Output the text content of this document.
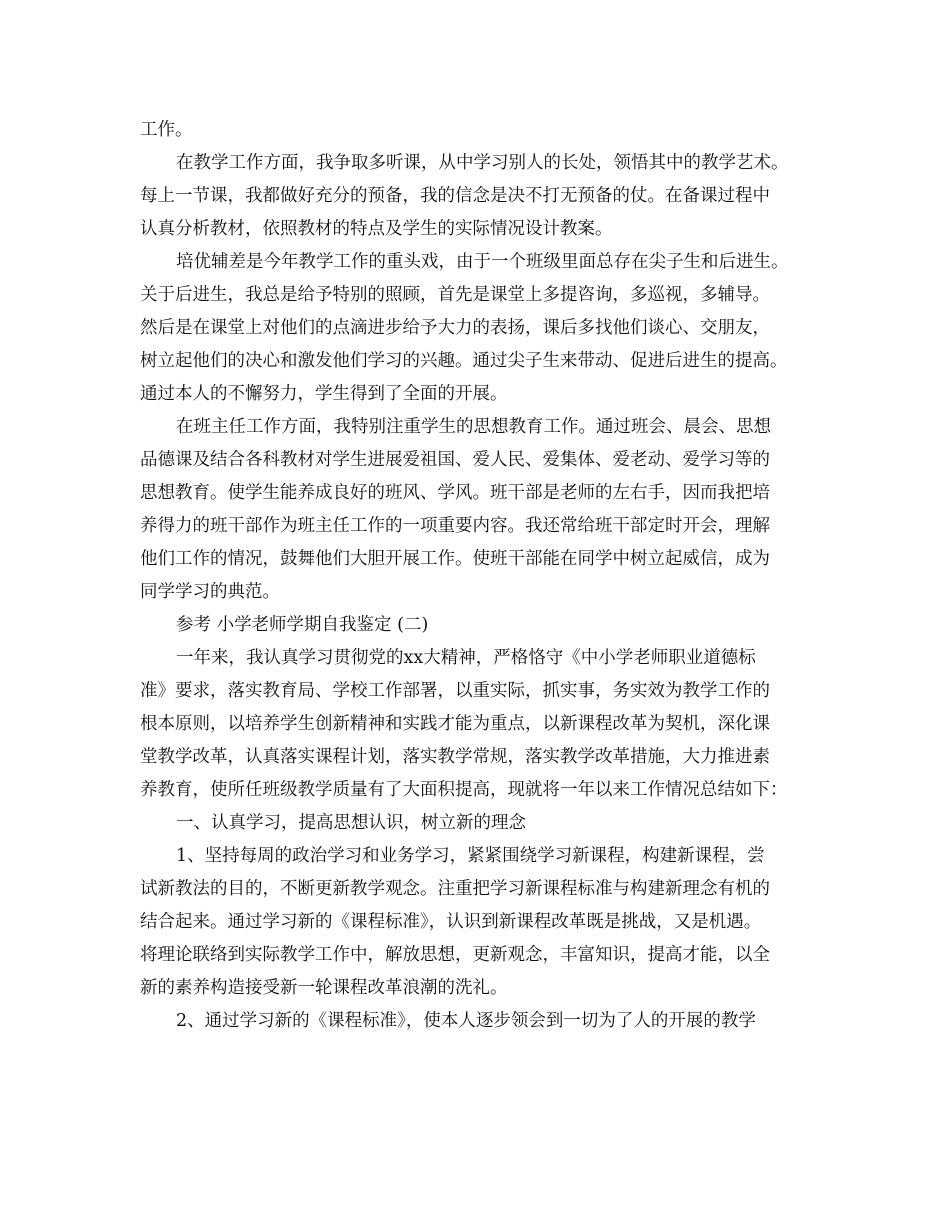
工作。
在教学工作方面，我争取多听课，从中学习别人的长处，领悟其中的教学艺术。
每上一节课，我都做好充分的预备，我的信念是决不打无预备的仗。在备课过程中
认真分析教材，依照教材的特点及学生的实际情况设计教案。
培优辅差是今年教学工作的重头戏，由于一个班级里面总存在尖子生和后进生。
关于后进生，我总是给予特别的照顾，首先是课堂上多提咨询，多巡视，多辅导。
然后是在课堂上对他们的点滴进步给予大力的表扬，课后多找他们谈心、交朋友，
树立起他们的决心和激发他们学习的兴趣。通过尖子生来带动、促进后进生的提高。
通过本人的不懈努力，学生得到了全面的开展。
在班主任工作方面，我特别注重学生的思想教育工作。通过班会、晨会、思想
品德课及结合各科教材对学生进展爱祖国、爱人民、爱集体、爱老动、爱学习等的
思想教育。使学生能养成良好的班风、学风。班干部是老师的左右手，因而我把培
养得力的班干部作为班主任工作的一项重要内容。我还常给班干部定时开会，理解
他们工作的情况，鼓舞他们大胆开展工作。使班干部能在同学中树立起威信，成为
同学学习的典范。
参考 小学老师学期自我鉴定 (二)
一年来，我认真学习贯彻党的xx大精神，严格恪守《中小学老师职业道德标
准》要求，落实教育局、学校工作部署，以重实际，抓实事，务实效为教学工作的
根本原则，以培养学生创新精神和实践才能为重点，以新课程改革为契机，深化课
堂教学改革，认真落实课程计划，落实教学常规，落实教学改革措施，大力推进素
养教育，使所任班级教学质量有了大面积提高，现就将一年以来工作情况总结如下：
一、认真学习，提高思想认识，树立新的理念
1、坚持每周的政治学习和业务学习，紧紧围绕学习新课程，构建新课程，尝
试新教法的目的，不断更新教学观念。注重把学习新课程标准与构建新理念有机的
结合起来。通过学习新的《课程标准》，认识到新课程改革既是挑战，又是机遇。
将理论联络到实际教学工作中，解放思想，更新观念，丰富知识，提高才能，以全
新的素养构造接受新一轮课程改革浪潮的洗礼。
2、通过学习新的《课程标准》，使本人逐步领会到一切为了人的开展的教学
